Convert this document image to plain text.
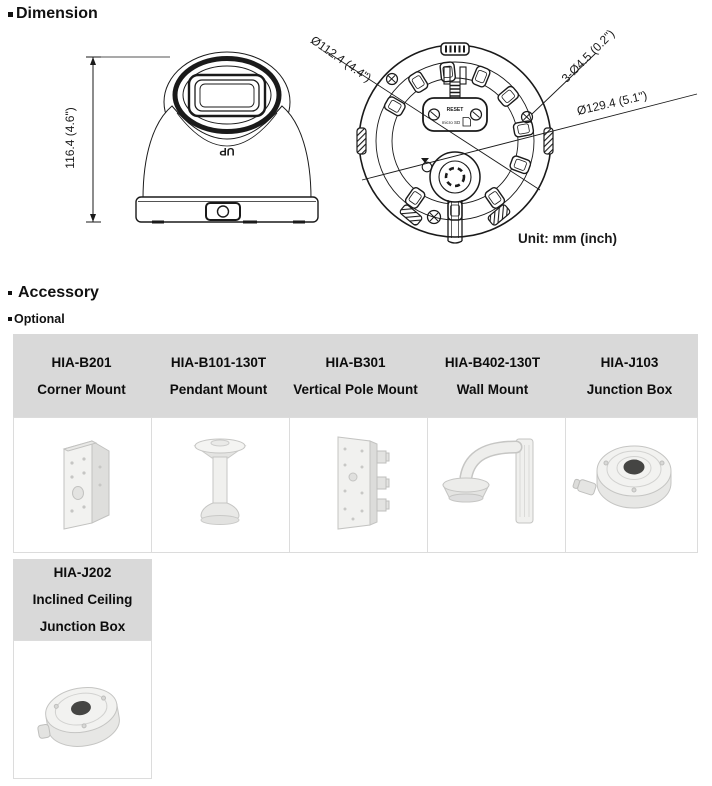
Dimension
UP
RESET
micro SD
116.4 (4.6")
Ø112.4 (4.4")	3-Ø4.5 (0.2")
Ø129.4 (5.1")
Unit: mm (inch)
Accessory
Optional
HIA-B201
Corner Mount
HIA-B101-130T
Pendant Mount
HIA-B301
Vertical Pole Mount
HIA-B402-130T
Wall Mount
HIA-J103
Junction Box
HIA-J202
Inclined Ceiling Junction Box
